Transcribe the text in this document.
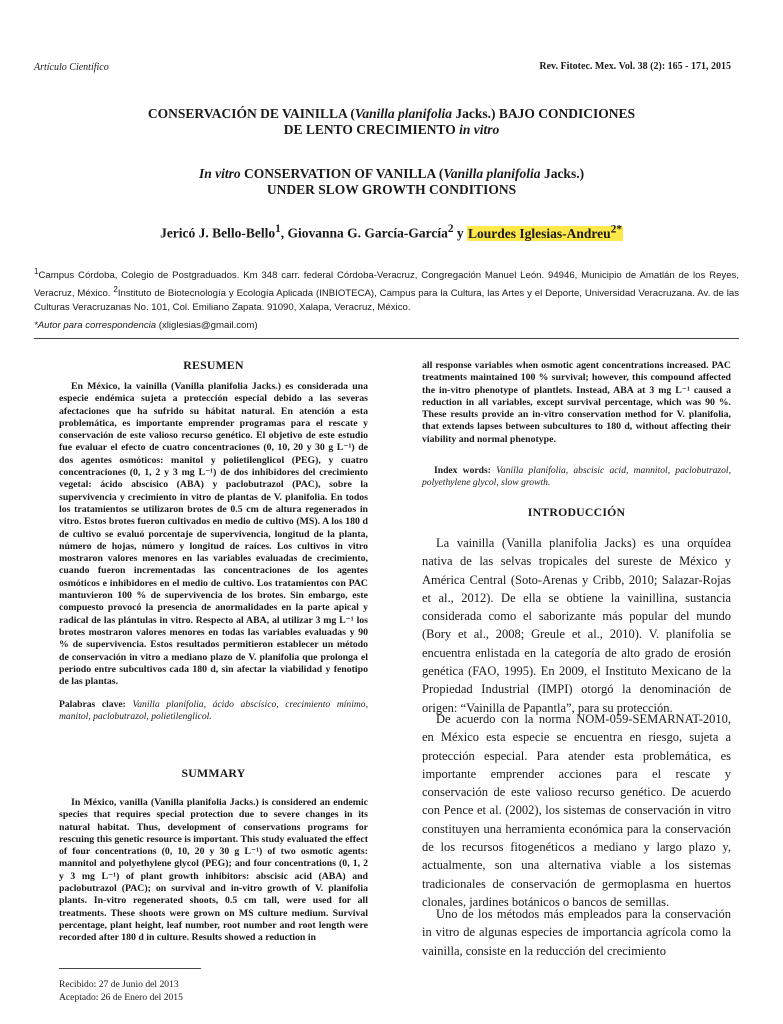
Artículo Científico	Rev. Fitotec. Mex. Vol. 38 (2): 165 - 171, 2015
CONSERVACIÓN DE VAINILLA (Vanilla planifolia Jacks.) BAJO CONDICIONES
DE LENTO CRECIMIENTO in vitro
In vitro CONSERVATION OF VANILLA (Vanilla planifolia Jacks.)
UNDER SLOW GROWTH CONDITIONS
Jericó J. Bello-Bello$^1$, Giovanna G. García-García$^2$ y Lourdes Iglesias-Andreu$^{2*}$
$^1$Campus Córdoba, Colegio de Postgraduados. Km 348 carr. federal Córdoba-Veracruz, Congregación Manuel León. 94946, Municipio de Amatlán de los Reyes, Veracruz, México. $^2$Instituto de Biotecnología y Ecología Aplicada (INBIOTECA), Campus para la Cultura, las Artes y el Deporte, Universidad Veracruzana. Av. de las Culturas Veracruzanas No. 101, Col. Emiliano Zapata. 91090, Xalapa, Veracruz, México.
*Autor para correspondencia (xliglesias@gmail.com)
RESUMEN
En México, la vainilla (Vanilla planifolia Jacks.) es considerada una especie endémica sujeta a protección especial debido a las severas afectaciones que ha sufrido su hábitat natural. En atención a esta problemática, es importante emprender programas para el rescate y conservación de este valioso recurso genético. El objetivo de este estudio fue evaluar el efecto de cuatro concentraciones (0, 10, 20 y 30 g L⁻¹) de dos agentes osmóticos: manitol y polietilenglicol (PEG), y cuatro concentraciones (0, 1, 2 y 3 mg L⁻¹) de dos inhibidores del crecimiento vegetal: ácido abscísico (ABA) y paclobutrazol (PAC), sobre la supervivencia y crecimiento in vitro de plantas de V. planifolia. En todos los tratamientos se utilizaron brotes de 0.5 cm de altura regenerados in vitro. Estos brotes fueron cultivados en medio de cultivo (MS). A los 180 d de cultivo se evaluó porcentaje de supervivencia, longitud de la planta, número de hojas, número y longitud de raíces. Los cultivos in vitro mostraron valores menores en las variables evaluadas de crecimiento, cuando fueron incrementadas las concentraciones de los agentes osmóticos e inhibidores en el medio de cultivo. Los tratamientos con PAC mantuvieron 100 % de supervivencia de los brotes. Sin embargo, este compuesto provocó la presencia de anormalidades en la parte apical y radical de las plántulas in vitro. Respecto al ABA, al utilizar 3 mg L⁻¹ los brotes mostraron valores menores en todas las variables evaluadas y 90 % de supervivencia. Estos resultados permitieron establecer un método de conservación in vitro a mediano plazo de V. planifolia que prolonga el periodo entre subcultivos cada 180 d, sin afectar la viabilidad y fenotipo de las plantas.
Palabras clave: Vanilla planifolia, ácido abscísico, crecimiento mínimo, manitol, paclobutrazol, polietilenglicol.
SUMMARY
In México, vanilla (Vanilla planifolia Jacks.) is considered an endemic species that requires special protection due to severe changes in its natural habitat. Thus, development of conservations programs for rescuing this genetic resource is important. This study evaluated the effect of four concentrations (0, 10, 20 y 30 g L⁻¹) of two osmotic agents: mannitol and polyethylene glycol (PEG); and four concentrations (0, 1, 2 y 3 mg L⁻¹) of plant growth inhibitors: abscisic acid (ABA) and paclobutrazol (PAC); on survival and in-vitro growth of V. planifolia plants. In-vitro regenerated shoots, 0.5 cm tall, were used for all treatments. These shoots were grown on MS culture medium. Survival percentage, plant height, leaf number, root number and root length were recorded after 180 d in culture. Results showed a reduction in
Recibido: 27 de Junio del 2013
Aceptado: 26 de Enero del 2015
all response variables when osmotic agent concentrations increased. PAC treatments maintained 100 % survival; however, this compound affected the in-vitro phenotype of plantlets. Instead, ABA at 3 mg L⁻¹ caused a reduction in all variables, except survival percentage, which was 90 %. These results provide an in-vitro conservation method for V. planifolia, that extends lapses between subcultures to 180 d, without affecting their viability and normal phenotype.
Index words: Vanilla planifolia, abscisic acid, mannitol, paclobutrazol, polyethylene glycol, slow growth.
INTRODUCCIÓN
La vainilla (Vanilla planifolia Jacks) es una orquídea nativa de las selvas tropicales del sureste de México y América Central (Soto-Arenas y Cribb, 2010; Salazar-Rojas et al., 2012). De ella se obtiene la vainillina, sustancia considerada como el saborizante más popular del mundo (Bory et al., 2008; Greule et al., 2010). V. planifolia se encuentra enlistada en la categoría de alto grado de erosión genética (FAO, 1995). En 2009, el Instituto Mexicano de la Propiedad Industrial (IMPI) otorgó la denominación de origen: “Vainilla de Papantla”, para su protección.
De acuerdo con la norma NOM-059-SEMARNAT-2010, en México esta especie se encuentra en riesgo, sujeta a protección especial. Para atender esta problemática, es importante emprender acciones para el rescate y conservación de este valioso recurso genético. De acuerdo con Pence et al. (2002), los sistemas de conservación in vitro constituyen una herramienta económica para la conservación de los recursos fitogenéticos a mediano y largo plazo y, actualmente, son una alternativa viable a los sistemas tradicionales de conservación de germoplasma en huertos clonales, jardines botánicos o bancos de semillas.
Uno de los métodos más empleados para la conservación in vitro de algunas especies de importancia agrícola como la vainilla, consiste en la reducción del crecimiento
